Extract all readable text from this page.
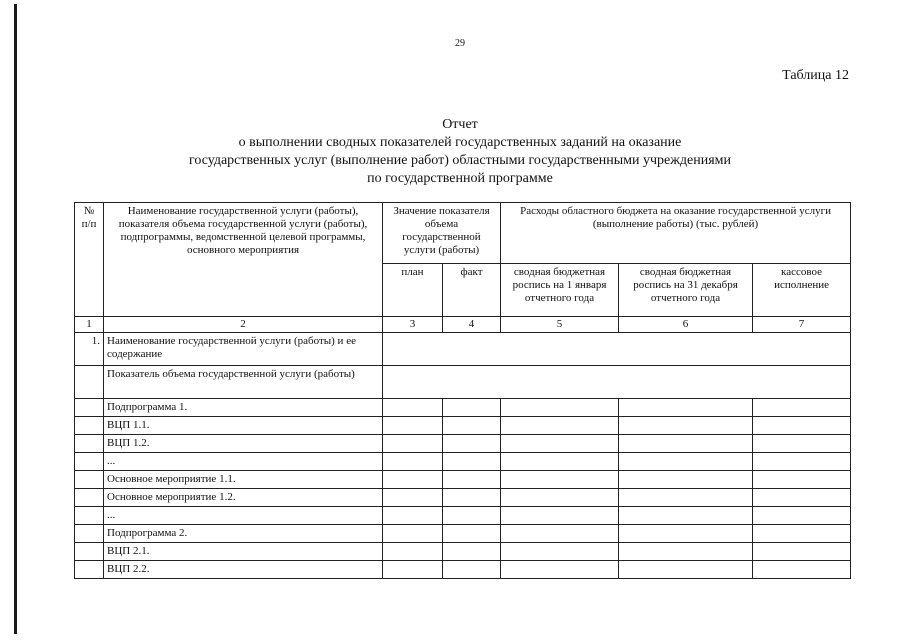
29
Таблица 12
Отчет
о выполнении сводных показателей государственных заданий на оказание
государственных услуг (выполнение работ) областными государственными учреждениями
по государственной программе
№ п/п	Наименование государственной услуги (работы), показателя объема государственной услуги (работы), подпрограммы, ведомственной целевой программы, основного мероприятия	Значение показателя объема государственной услуги (работы)		Расходы областного бюджета на оказание государственной услуги (выполнение работы) (тыс. рублей)		
		план	факт	сводная бюджетная роспись на 1 января отчетного года	сводная бюджетная роспись на 31 декабря отчетного года	кассовое исполнение
1	2	3	4	5	6	7
1.	Наименование государственной услуги (работы) и ее содержание					
	Показатель объема государственной услуги (работы)					
	Подпрограмма 1.					
	ВЦП 1.1.					
	ВЦП 1.2.					
	...					
	Основное мероприятие 1.1.					
	Основное мероприятие 1.2.					
	...					
	Подпрограмма 2.					
	ВЦП 2.1.					
	ВЦП 2.2.					
